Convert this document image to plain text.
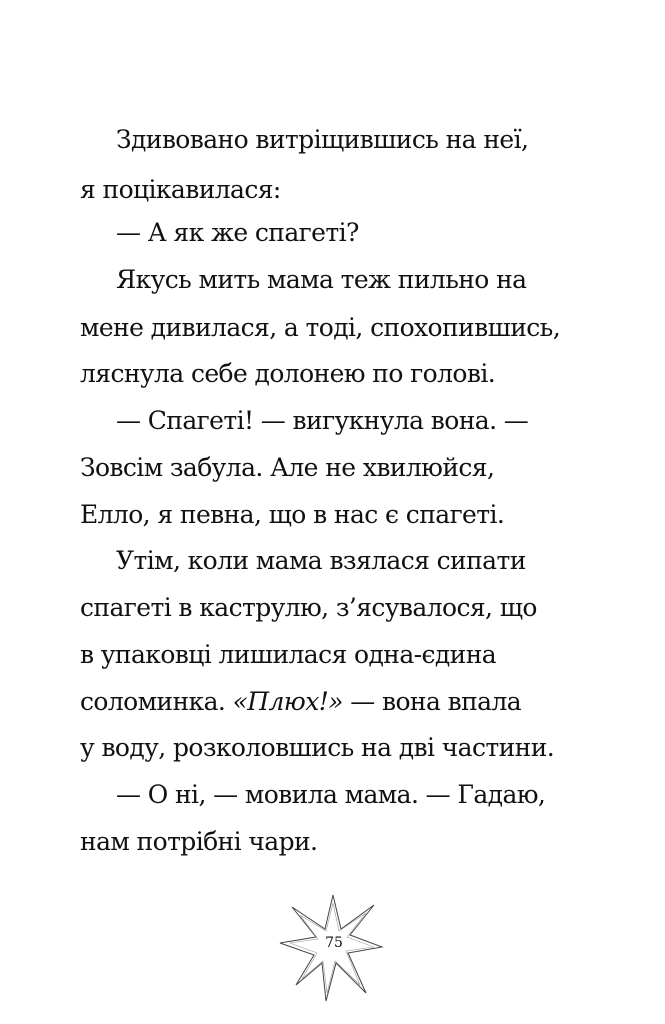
Здивовано витріщившись на неї,
я поцікавилася:
— А як же спагеті?
Якусь мить мама теж пильно на
мене дивилася, а тоді, спохопившись,
ляснула себе долонею по голові.
— Спагеті! — вигукнула вона. —
Зовсім забула. Але не хвилюйся,
Елло, я певна, що в нас є спагеті.
Утім, коли мама взялася сипати
спагеті в каструлю, з’ясувалося, що
в упаковці лишилася одна-єдина
соломинка. «Плюх!» — вона впала
у воду, розколовшись на дві частини.
— О ні, — мовила мама. — Гадаю,
нам потрібні чари.
75
